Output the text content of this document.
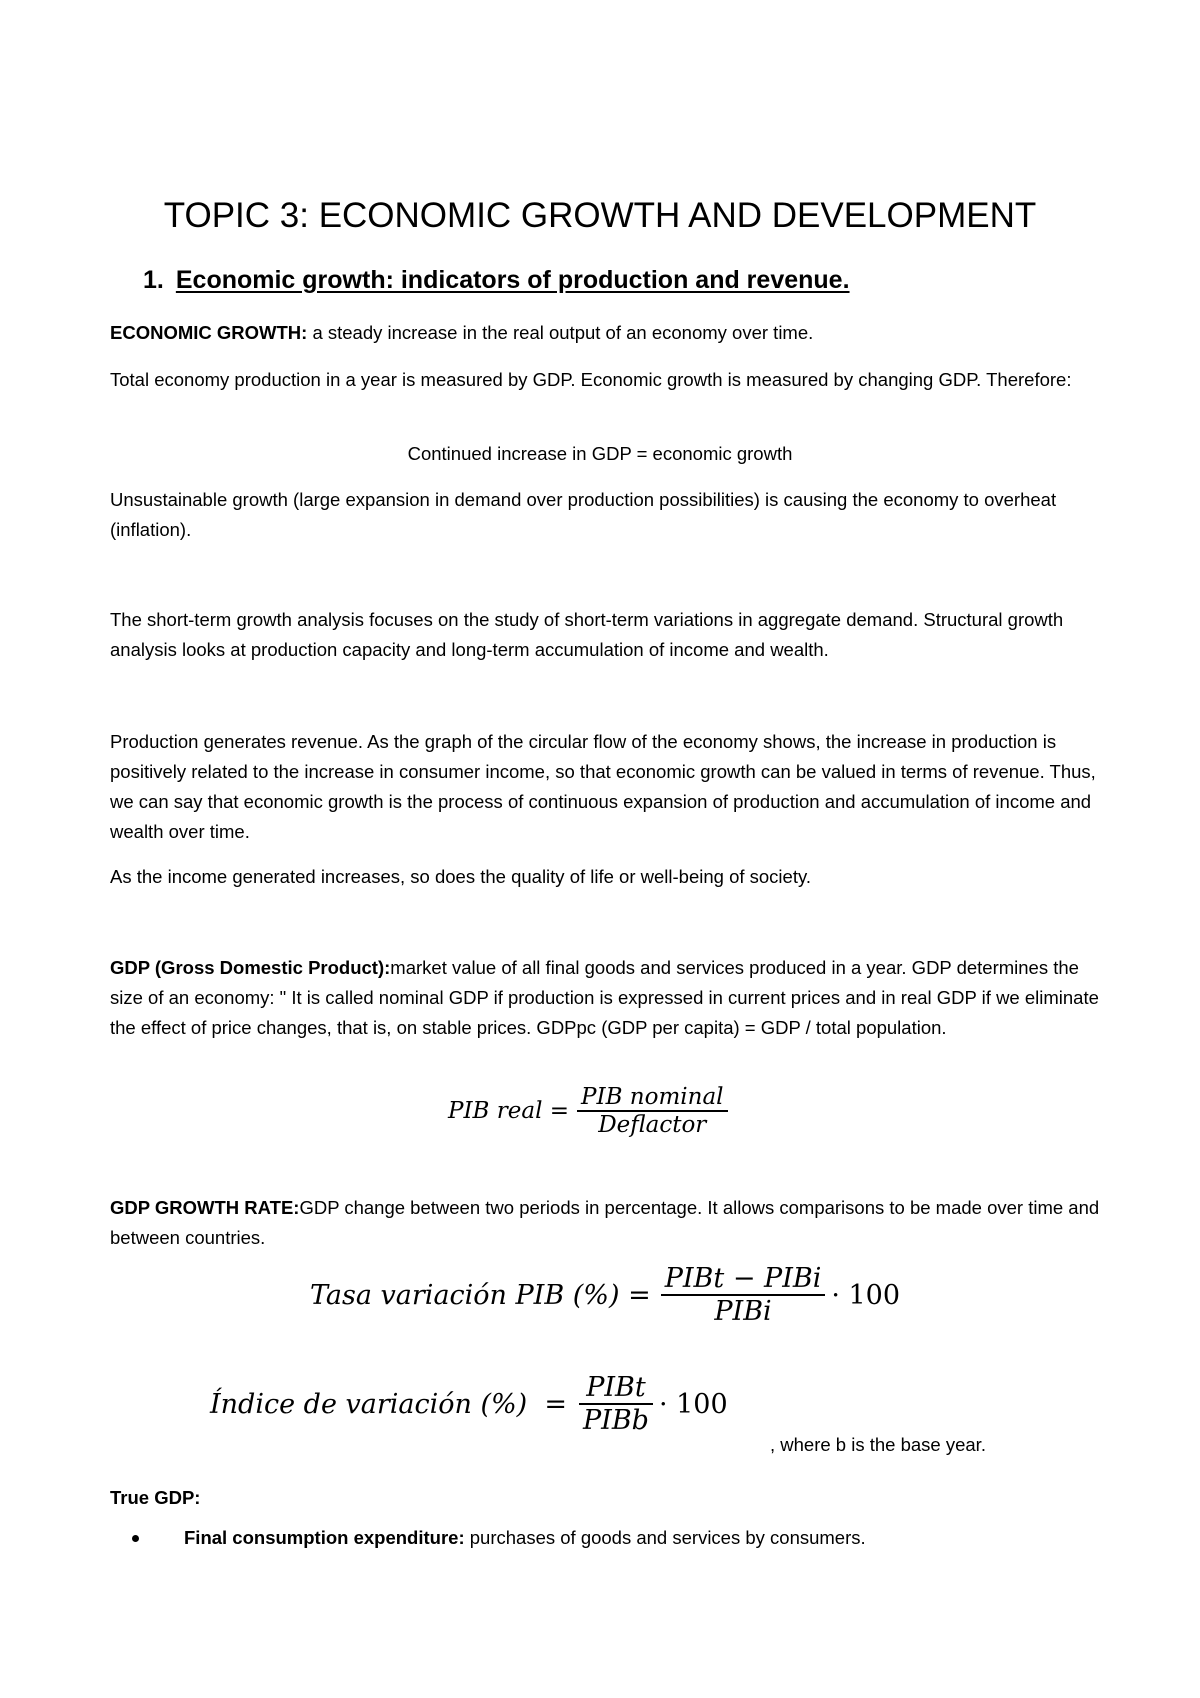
TOPIC 3: ECONOMIC GROWTH AND DEVELOPMENT
1. Economic growth: indicators of production and revenue.
ECONOMIC GROWTH: a steady increase in the real output of an economy over time.
Total economy production in a year is measured by GDP. Economic growth is measured by changing GDP. Therefore:
Continued increase in GDP = economic growth
Unsustainable growth (large expansion in demand over production possibilities) is causing the economy to overheat (inflation).
The short-term growth analysis focuses on the study of short-term variations in aggregate demand. Structural growth analysis looks at production capacity and long-term accumulation of income and wealth.
Production generates revenue. As the graph of the circular flow of the economy shows, the increase in production is positively related to the increase in consumer income, so that economic growth can be valued in terms of revenue. Thus, we can say that economic growth is the process of continuous expansion of production and accumulation of income and wealth over time.
As the income generated increases, so does the quality of life or well-being of society.
GDP (Gross Domestic Product):market value of all final goods and services produced in a year. GDP determines the size of an economy: " It is called nominal GDP if production is expressed in current prices and in real GDP if we eliminate the effect of price changes, that is, on stable prices. GDPpc (GDP per capita) = GDP / total population.
PIB real = $\frac{\text{PIB nominal}}{\text{Deflactor}}$
GDP GROWTH RATE:GDP change between two periods in percentage. It allows comparisons to be made over time and between countries.
Tasa variación PIB (%) = $\frac{\text{PIBt − PIBi}}{\text{PIBi}} \cdot 100$
Índice de variación (%)  = $\frac{\text{PIBt}}{\text{PIBb}} \cdot 100$
, where b is the base year.
True GDP:
Final consumption expenditure: purchases of goods and services by consumers.
